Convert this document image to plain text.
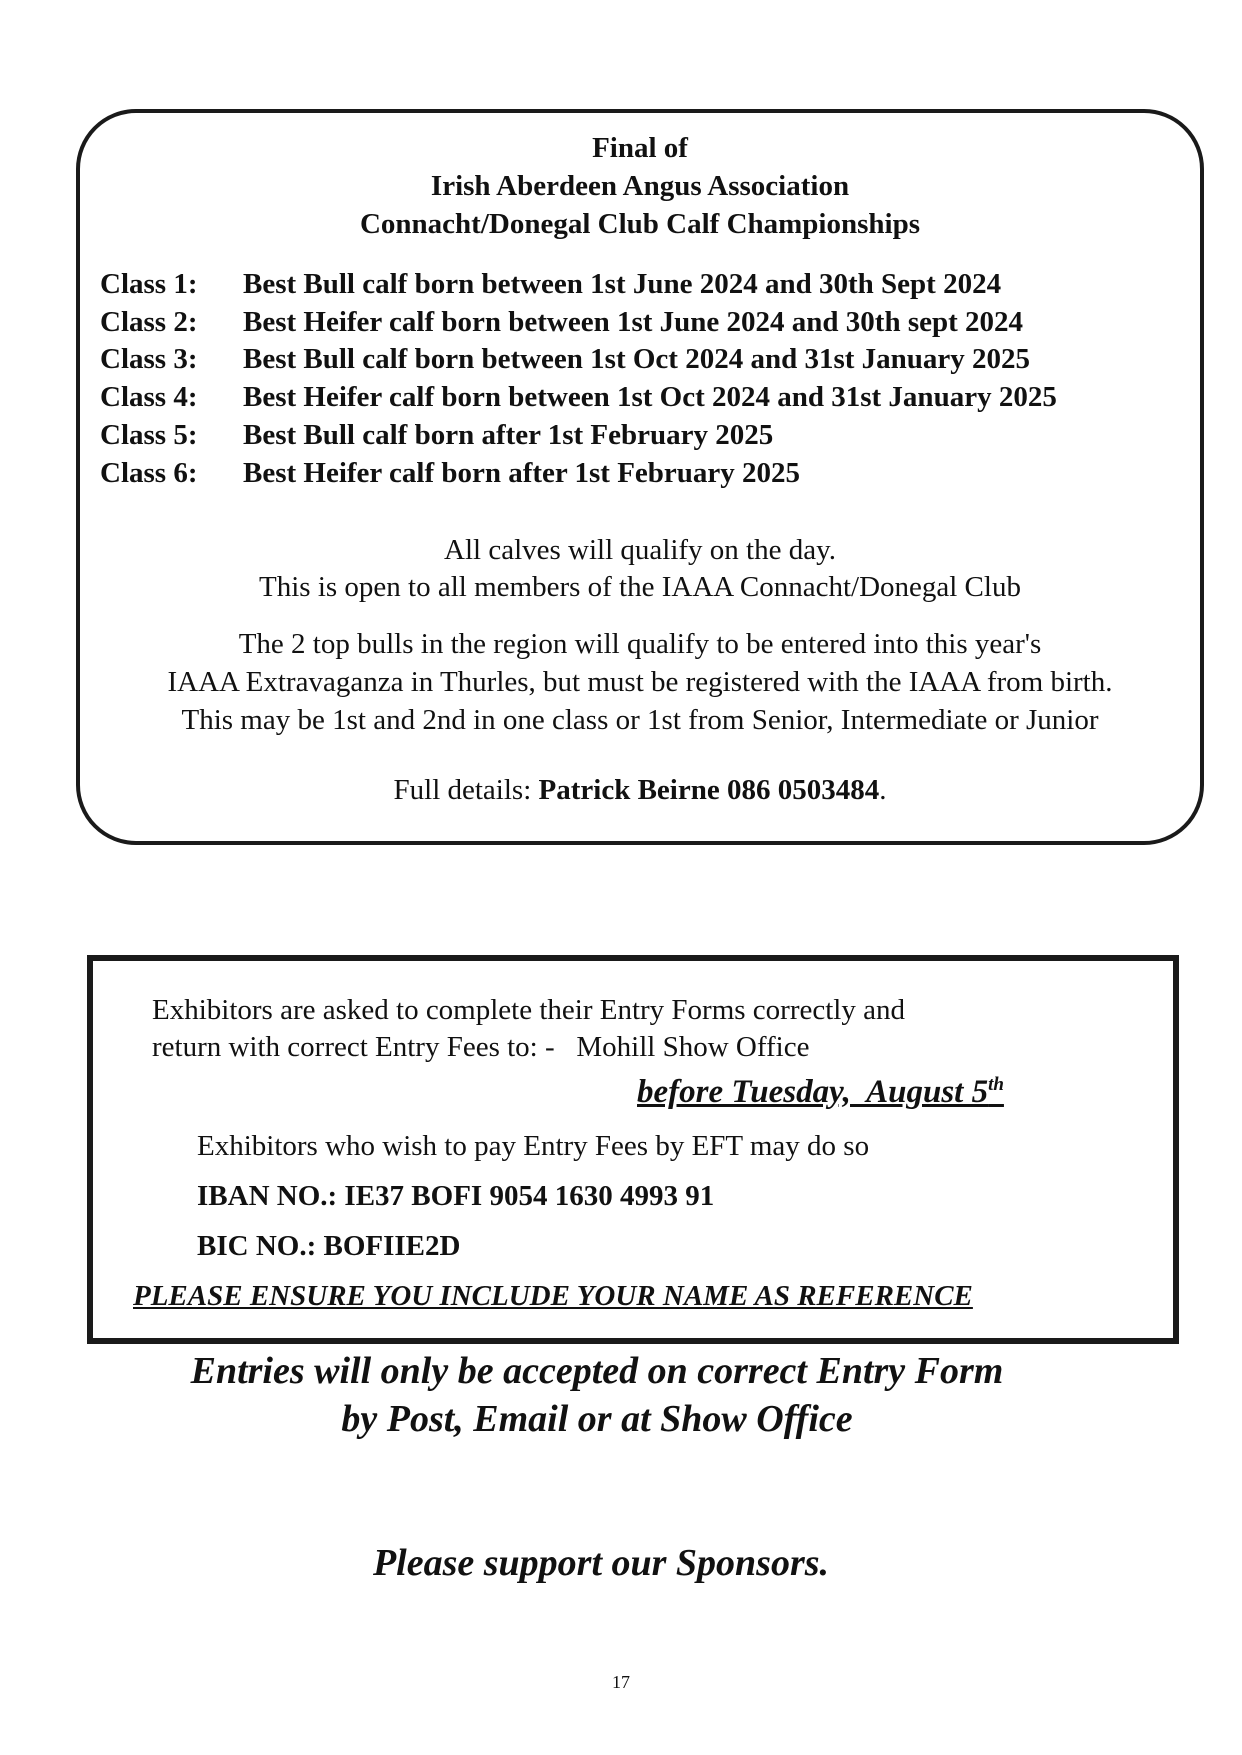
Final of
Irish Aberdeen Angus Association
Connacht/Donegal Club Calf Championships
Class 1: Best Bull calf born between 1st June 2024 and 30th Sept 2024
Class 2: Best Heifer calf born between 1st June 2024 and 30th sept 2024
Class 3: Best Bull calf born between 1st Oct 2024 and 31st January 2025
Class 4: Best Heifer calf born between 1st Oct 2024 and 31st January 2025
Class 5: Best Bull calf born after 1st February 2025
Class 6: Best Heifer calf born after 1st February 2025
All calves will qualify on the day.
This is open to all members of the IAAA Connacht/Donegal Club
The 2 top bulls in the region will qualify to be entered into this year's
IAAA Extravaganza in Thurles, but must be registered with the IAAA from birth.
This may be 1st and 2nd in one class or 1st from Senior, Intermediate or Junior
Full details: Patrick Beirne 086 0503484.
Exhibitors are asked to complete their Entry Forms correctly and
return with correct Entry Fees to: -   Mohill Show Office
before Tuesday,  August 5th
Exhibitors who wish to pay Entry Fees by EFT may do so
IBAN NO.: IE37 BOFI 9054 1630 4993 91
BIC NO.: BOFIIE2D
PLEASE ENSURE YOU INCLUDE YOUR NAME AS REFERENCE
Entries will only be accepted on correct Entry Form
by Post, Email or at Show Office
Please support our Sponsors.
17
